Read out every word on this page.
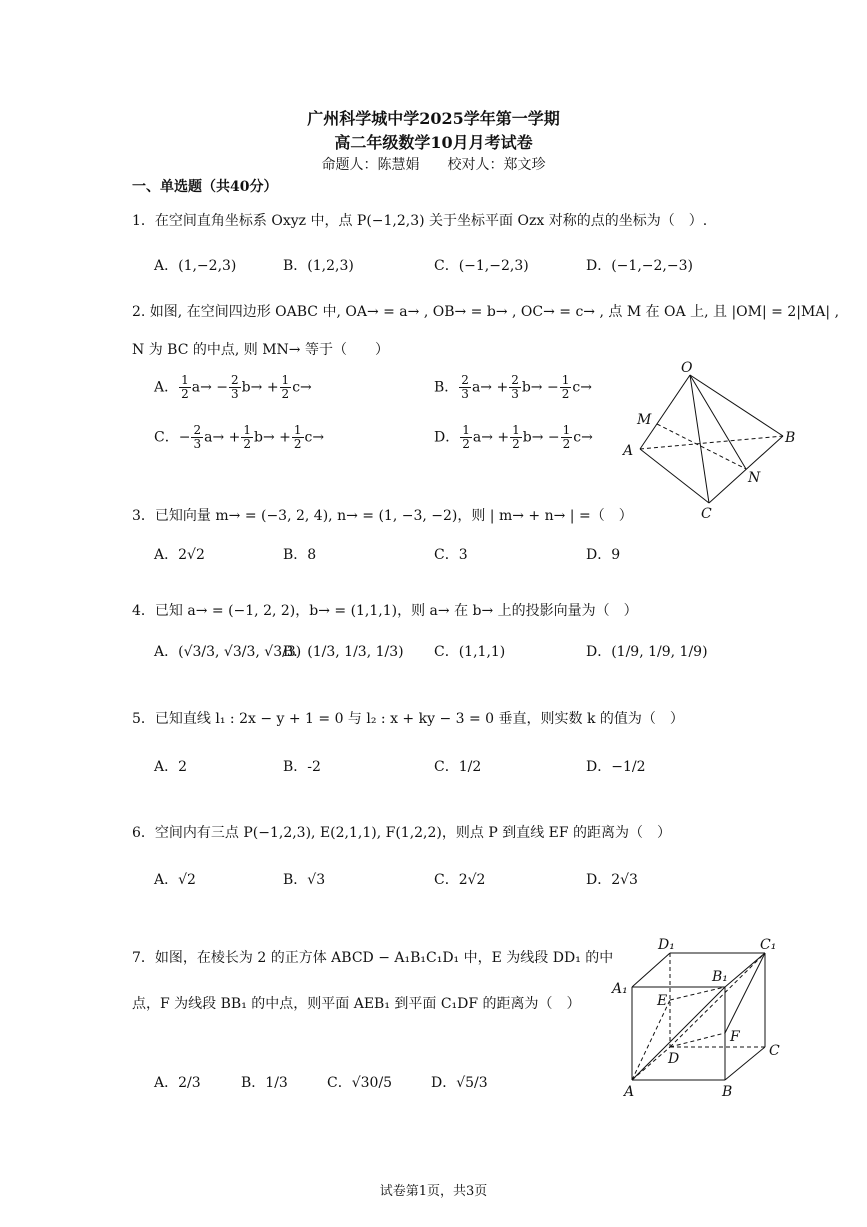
广州科学城中学2025学年第一学期
高二年级数学10月月考试卷
命题人：陈慧娟　　校对人：郑文珍
一、单选题（共40分）
1．在空间直角坐标系 Oxyz 中，点 P(−1,2,3) 关于坐标平面 Ozx 对称的点的坐标为（　）.
A．(1,−2,3)	B．(1,2,3)	C．(−1,−2,3)	D．(−1,−2,−3)
2. 如图, 在空间四边形 OABC 中, OA→ = a→ , OB→ = b→ , OC→ = c→ , 点 M 在 OA 上, 且 |OM| = 2|MA| ,
N 为 BC 的中点, 则 MN→ 等于（　　）
A． $\frac{1}{2} a\to - \frac{2}{3} b\to + \frac{1}{2} c\to$	B． $\frac{2}{3} a\to + \frac{2}{3} b\to - \frac{1}{2} c\to$
C．− $\frac{2}{3} a\to + \frac{1}{2} b\to + \frac{1}{2} c\to$	D． $\frac{1}{2} a\to + \frac{1}{2} b\to - \frac{1}{2} c\to$
O
M
A
B
N
C
3．已知向量 m→ = (−3, 2, 4), n→ = (1, −3, −2)，则 | m→ + n→ | =（　）
A．2√2	B．8	C．3	D．9
4．已知 a→ = (−1, 2, 2)，b→ = (1,1,1)，则 a→ 在 b→ 上的投影向量为（　）
A．(√3/3, √3/3, √3/3)
B．(1/3, 1/3, 1/3) C．(1,1,1)	D．(1/9, 1/9, 1/9)
5．已知直线 l₁ : 2x − y + 1 = 0 与 l₂ : x + ky − 3 = 0 垂直，则实数 k 的值为（　）
A．2	B．-2	C．1/2	D．−1/2
6．空间内有三点 P(−1,2,3), E(2,1,1), F(1,2,2)，则点 P 到直线 EF 的距离为（　）
A．√2	B．√3	C．2√2	D．2√3
7．如图，在棱长为 2 的正方体 ABCD − A₁B₁C₁D₁ 中，E 为线段 DD₁ 的中
点，F 为线段 BB₁ 的中点，则平面 AEB₁ 到平面 C₁DF 的距离为（　）
A．2/3	B．1/3	C．√30/5	D．√5/3
D₁	C₁
A₁
B₁
E
F
D	C
A	B
试卷第1页，共3页
